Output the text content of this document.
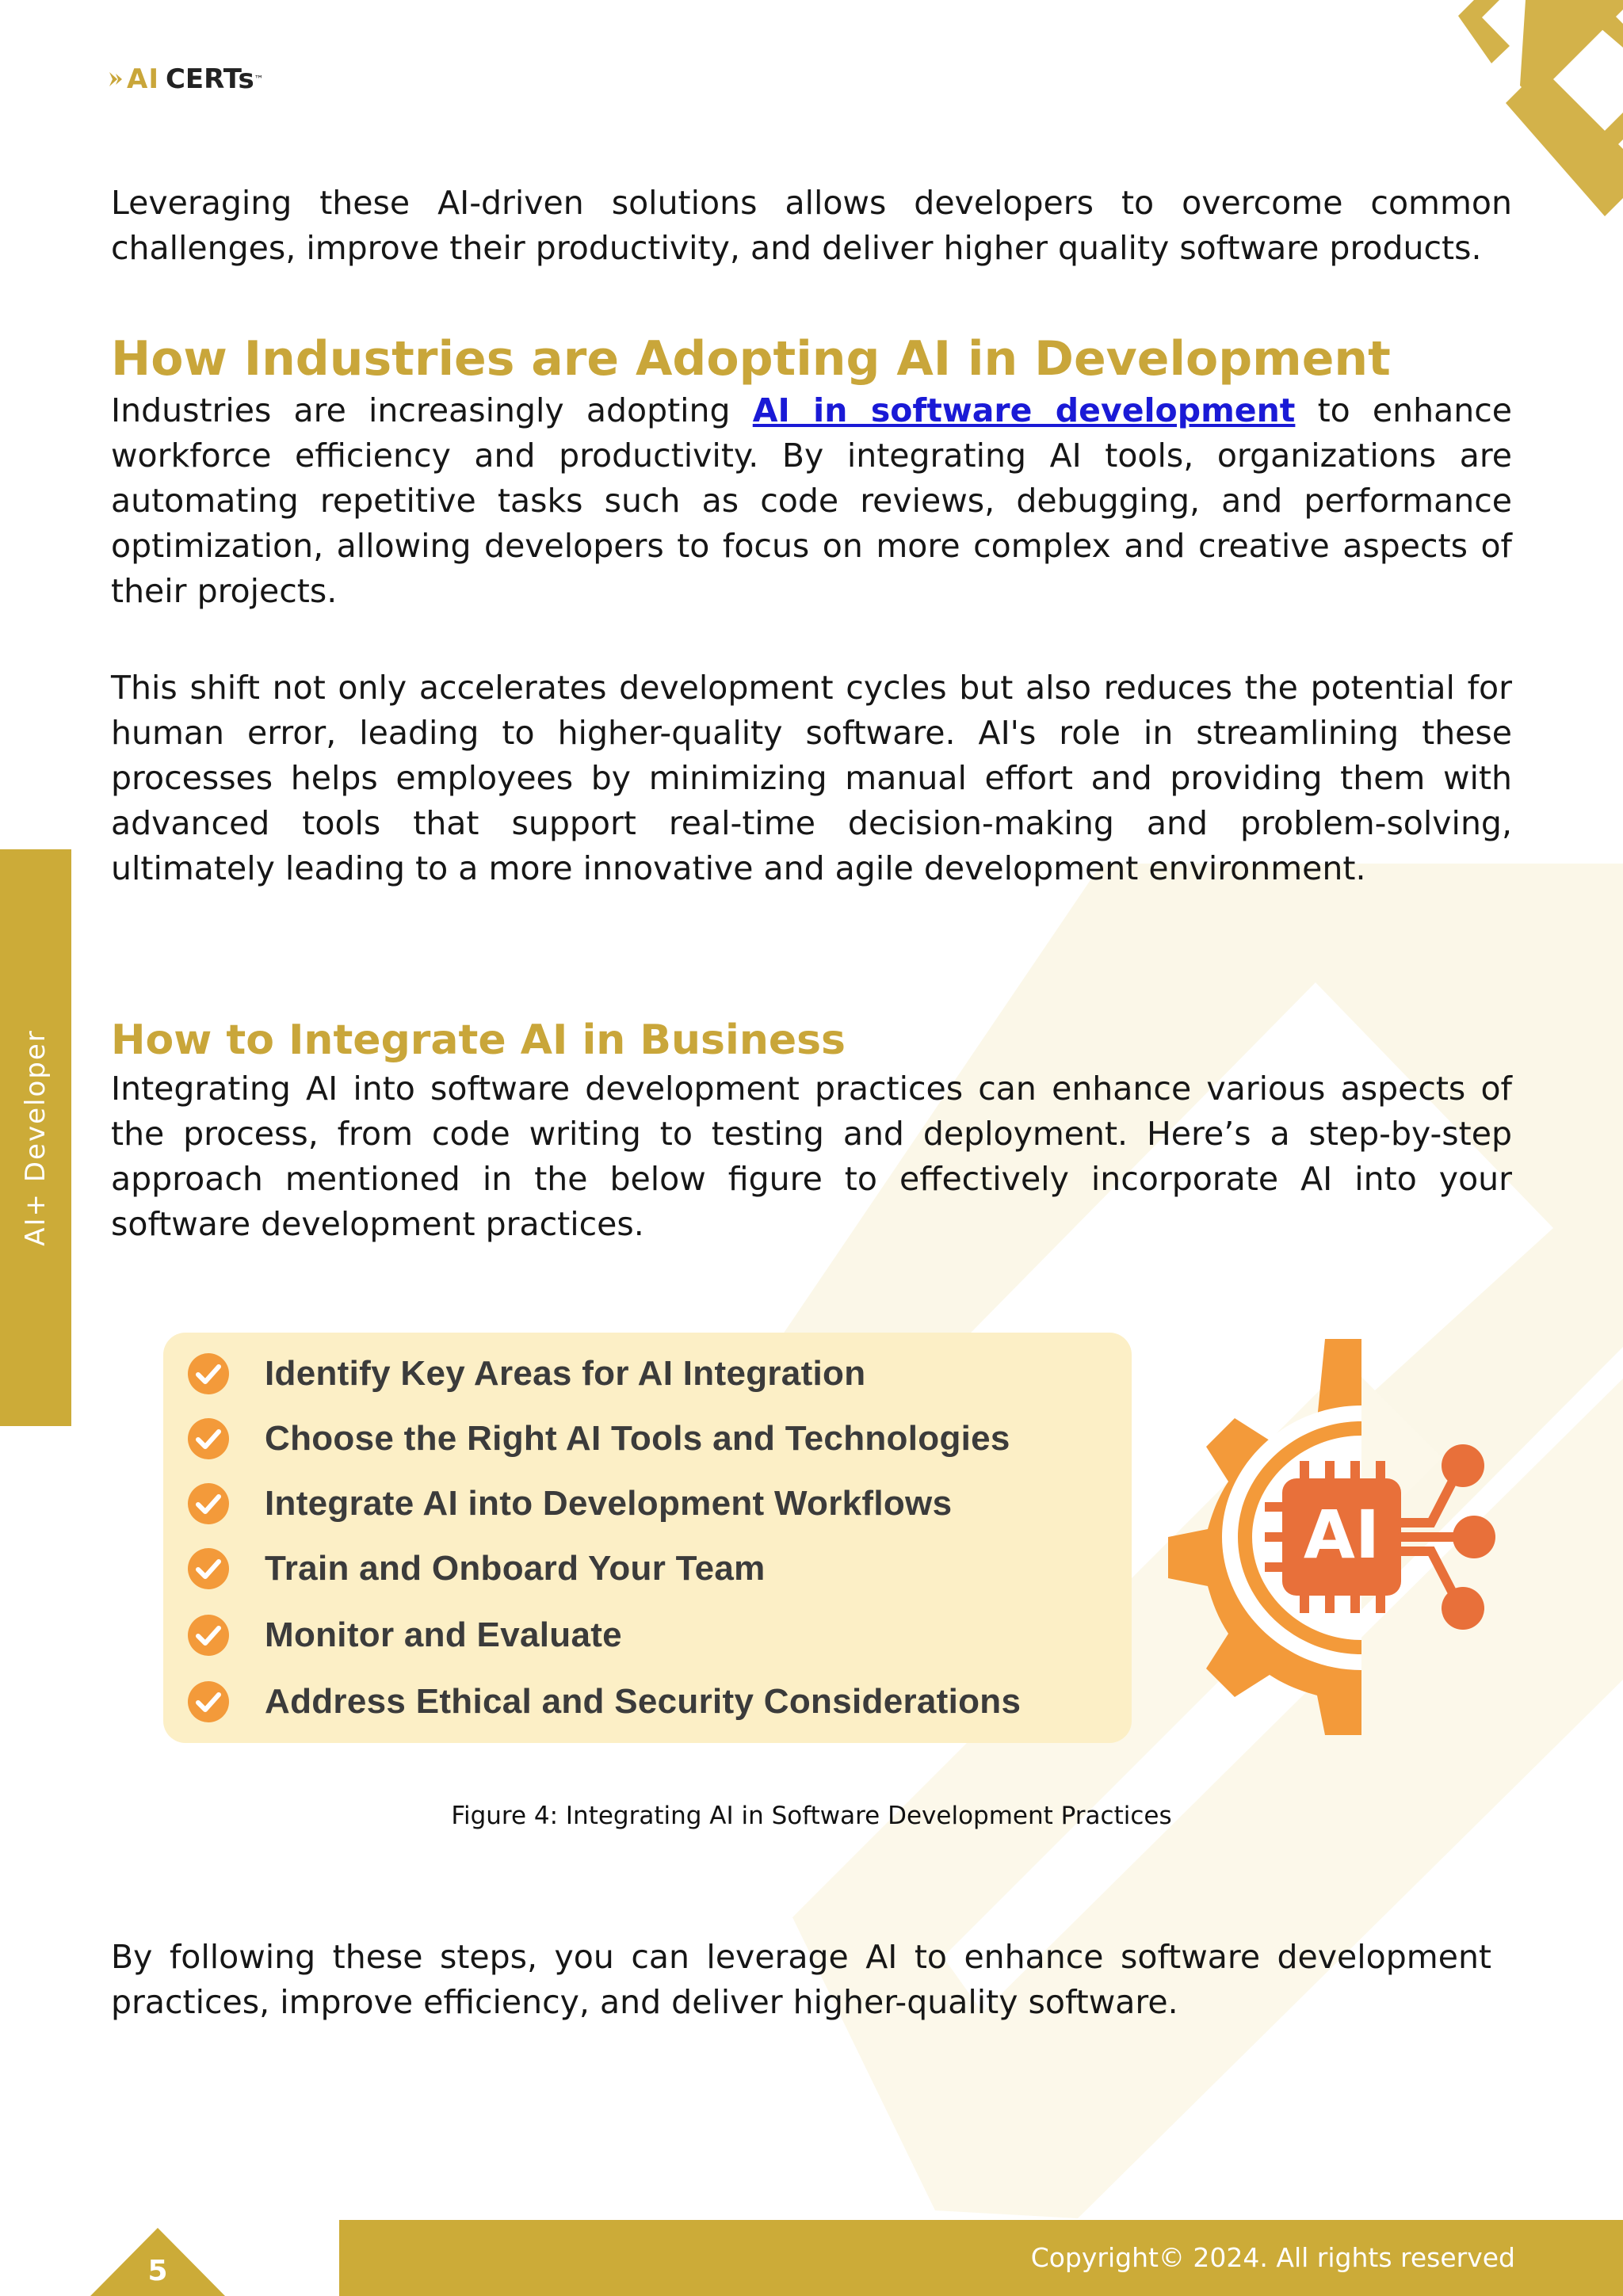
AI CERTs ™
AI+ Developer

Leveraging these AI-driven solutions allows developers to overcome common challenges, improve their productivity, and deliver higher quality software products.

How Industries are Adopting AI in Development

Industries are increasingly adopting AI in software development to enhance workforce efficiency and productivity. By integrating AI tools, organizations are automating repetitive tasks such as code reviews, debugging, and performance optimization, allowing developers to focus on more complex and creative aspects of their projects.

This shift not only accelerates development cycles but also reduces the potential for human error, leading to higher-quality software. AI's role in streamlining these processes helps employees by minimizing manual effort and providing them with advanced tools that support real-time decision-making and problem-solving, ultimately leading to a more innovative and agile development environment.

How to Integrate AI in Business

Integrating AI into software development practices can enhance various aspects of the process, from code writing to testing and deployment. Here’s a step-by-step approach mentioned in the below figure to effectively incorporate AI into your software development practices.

Identify Key Areas for AI Integration
Choose the Right AI Tools and Technologies
Integrate AI into Development Workflows
Train and Onboard Your Team
Monitor and Evaluate
Address Ethical and Security Considerations
AI
Figure 4: Integrating AI in Software Development Practices

By following these steps, you can leverage AI to enhance software development practices, improve efficiency, and deliver higher-quality software.

5	Copyright© 2024. All rights reserved
